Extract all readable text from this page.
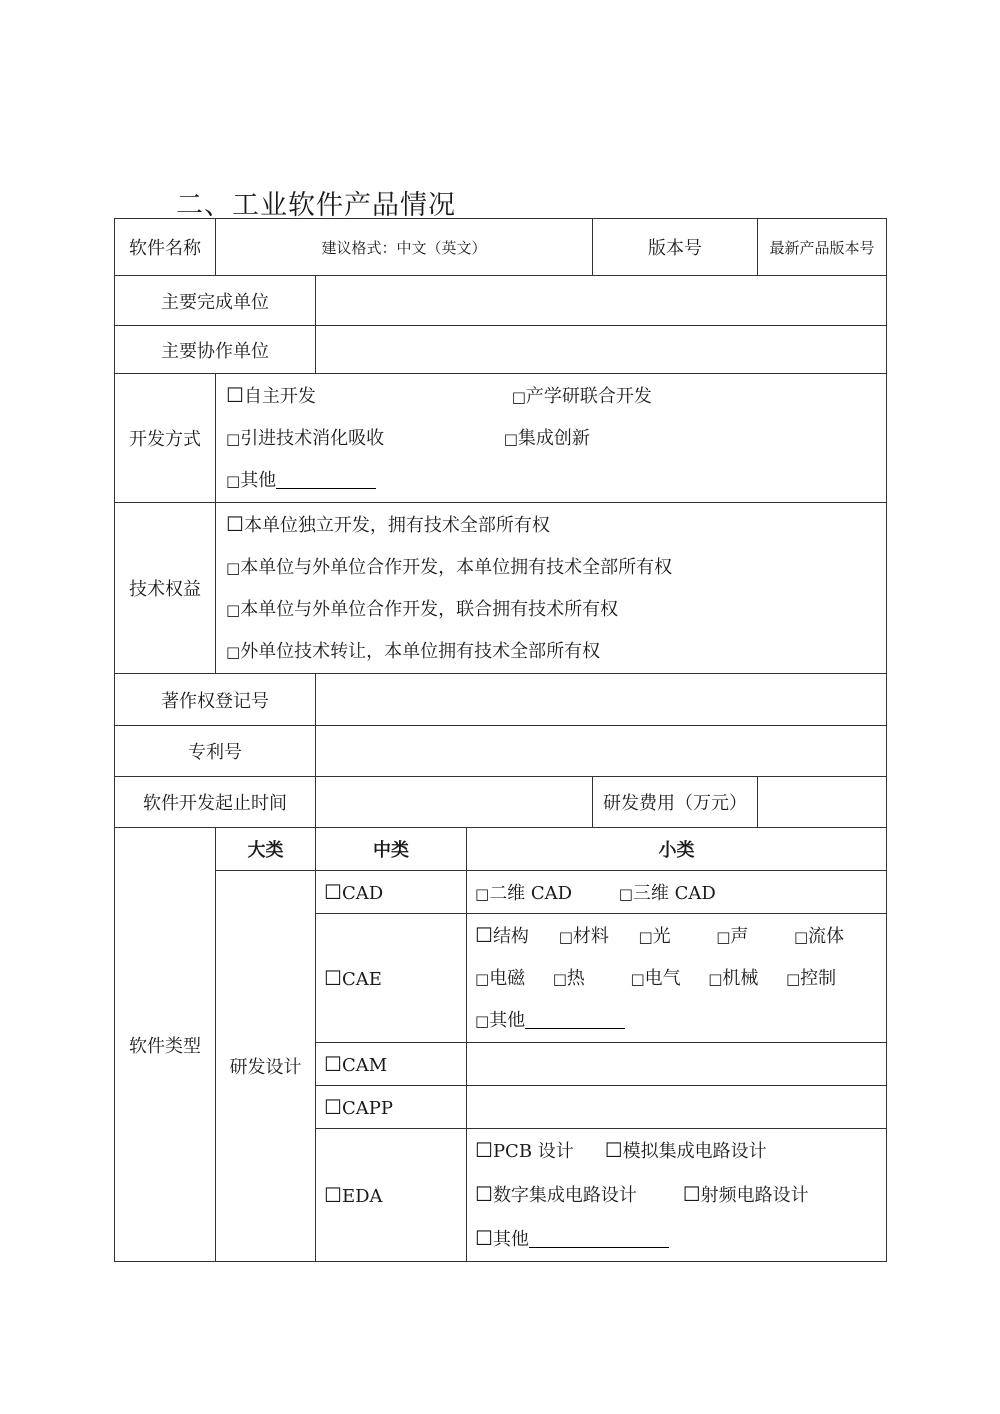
二、工业软件产品情况
软件名称	建议格式：中文（英文）			版本号	最新产品版本号
主要完成单位					
主要协作单位					
开发方式	☐自主开发 □产学研联合开发
□引进技术消化吸收 □集成创新
□其他				

技术权益	☐本单位独立开发，拥有技术全部所有权
□本单位与外单位合作开发，本单位拥有技术全部所有权
□本单位与外单位合作开发，联合拥有技术所有权
□外单位技术转让，本单位拥有技术全部所有权				

著作权登记号					
专利号					
软件开发起止时间				研发费用（万元）	
软件类型	大类	中类	小类		
	研发设计	☐CAD	□二维 CAD □三维 CAD		
		☐CAE	☐结构 □材料 □光 □声 □流体
□电磁 □热 □电气 □机械 □控制
□其他		

		☐CAM			
		☐CAPP			
		☐EDA	☐PCB 设计 ☐模拟集成电路设计
☐数字集成电路设计 ☐射频电路设计
☐其他		
